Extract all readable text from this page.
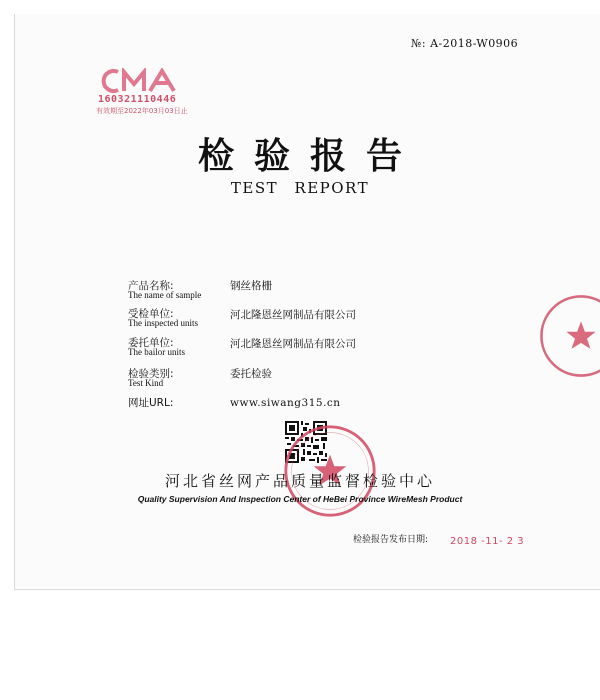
№: A-2018-W0906
160321110446
有效期至2022年03月03日止
检验报告
TEST REPORT
产品名称:
The name of sample
钢丝格栅
受检单位:
The inspected units
河北隆恩丝网制品有限公司
委托单位:
The bailor units
河北隆恩丝网制品有限公司
检验类别:
Test Kind
委托检验
网址URL:	www.siwang315.cn
河北省丝网产品质量监督检验中心
Quality Supervision And Inspection Center of HeBei Province WireMesh Product
检验报告发布日期: 2018 -11- 2 3
